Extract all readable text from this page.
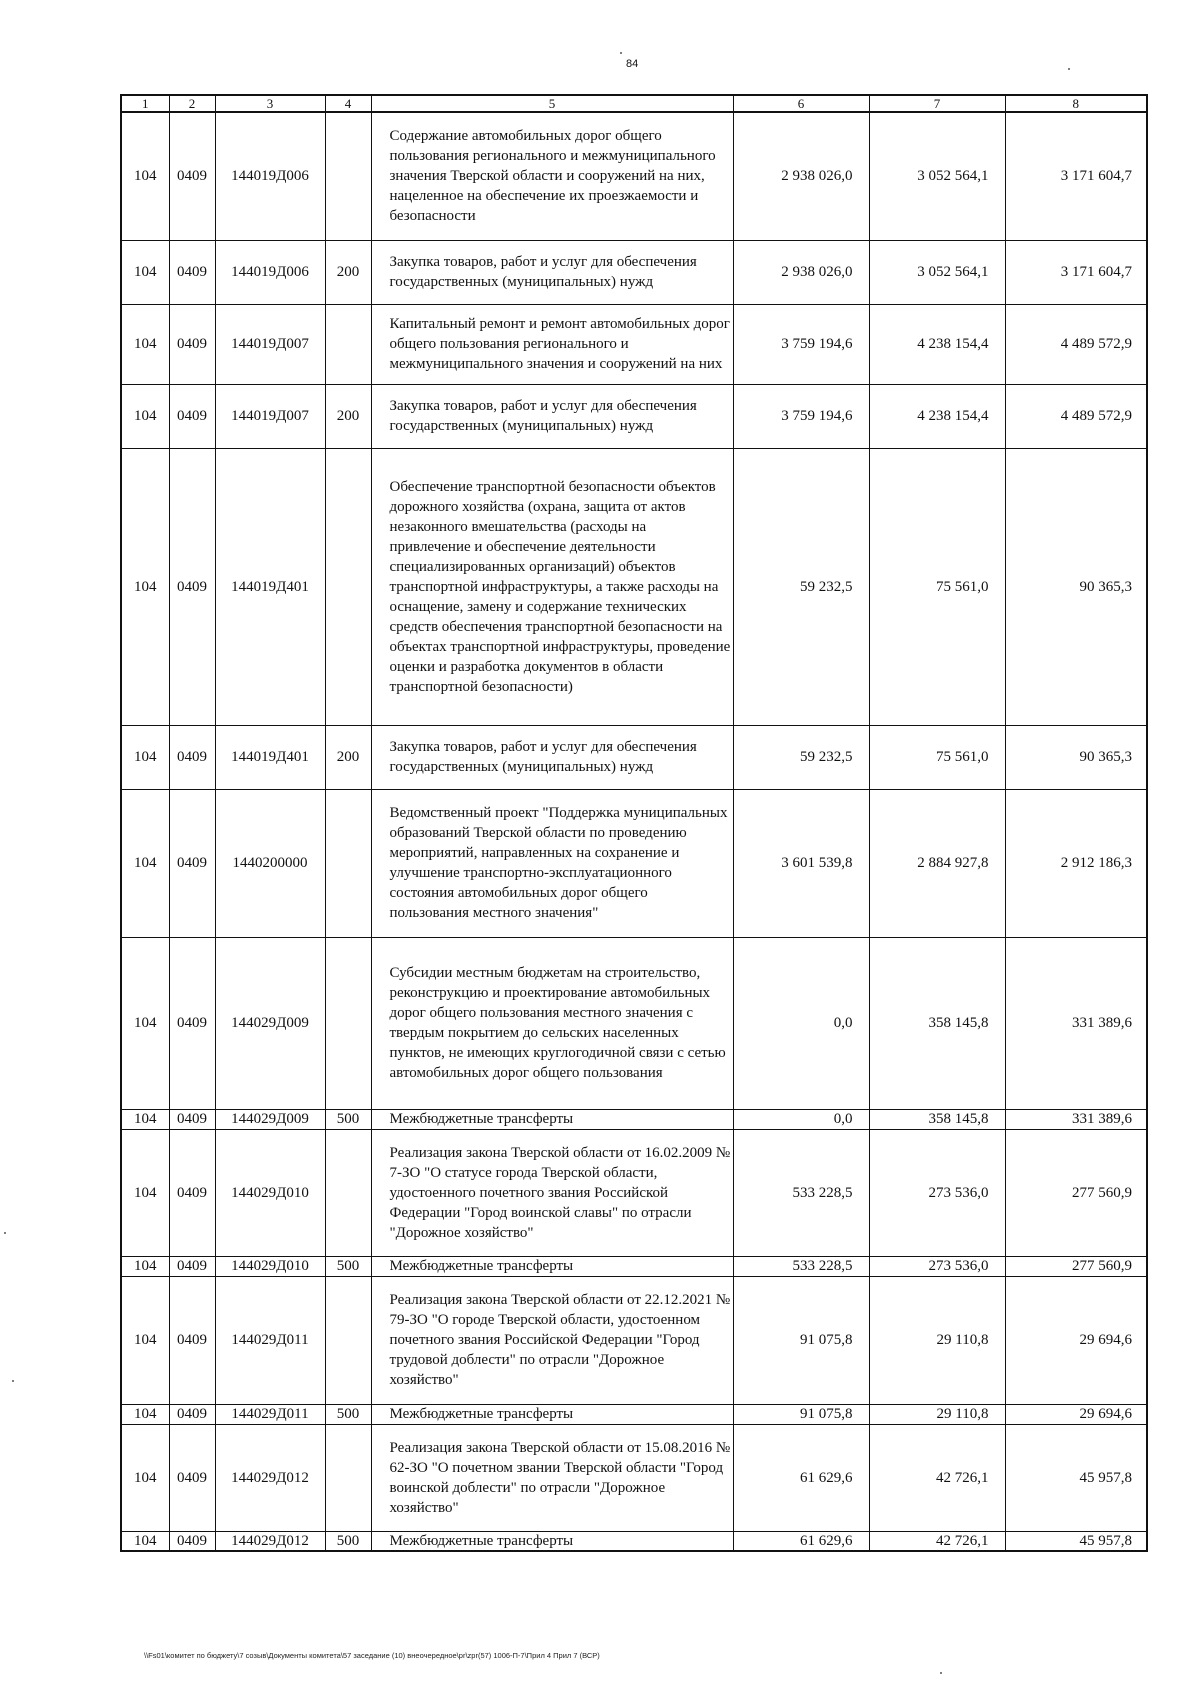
84
1	2	3	4	5	6	7	8
104	0409	144019Д006		Содержание автомобильных дорог общего пользования регионального и межмуниципального значения Тверской области и сооружений на них, нацеленное на обеспечение их проезжаемости и безопасности	2 938 026,0	3 052 564,1	3 171 604,7
104	0409	144019Д006	200	Закупка товаров, работ и услуг для обеспечения государственных (муниципальных) нужд	2 938 026,0	3 052 564,1	3 171 604,7
104	0409	144019Д007		Капитальный ремонт и ремонт автомобильных дорог общего пользования регионального и межмуниципального значения и сооружений на них	3 759 194,6	4 238 154,4	4 489 572,9
104	0409	144019Д007	200	Закупка товаров, работ и услуг для обеспечения государственных (муниципальных) нужд	3 759 194,6	4 238 154,4	4 489 572,9
104	0409	144019Д401		Обеспечение транспортной безопасности объектов дорожного хозяйства (охрана, защита от актов незаконного вмешательства (расходы на привлечение и обеспечение деятельности специализированных организаций) объектов транспортной инфраструктуры, а также расходы на оснащение, замену и содержание технических средств обеспечения транспортной безопасности на объектах транспортной инфраструктуры, проведение оценки и разработка документов в области транспортной безопасности)	59 232,5	75 561,0	90 365,3
104	0409	144019Д401	200	Закупка товаров, работ и услуг для обеспечения государственных (муниципальных) нужд	59 232,5	75 561,0	90 365,3
104	0409	1440200000		Ведомственный проект "Поддержка муниципальных образований Тверской области по проведению мероприятий, направленных на сохранение и улучшение транспортно-эксплуатационного состояния автомобильных дорог общего пользования местного значения"	3 601 539,8	2 884 927,8	2 912 186,3
104	0409	144029Д009		Субсидии местным бюджетам на строительство, реконструкцию и проектирование автомобильных дорог общего пользования местного значения с твердым покрытием до сельских населенных пунктов, не имеющих круглогодичной связи с сетью автомобильных дорог общего пользования	0,0	358 145,8	331 389,6
104	0409	144029Д009	500	Межбюджетные трансферты	0,0	358 145,8	331 389,6
104	0409	144029Д010		Реализация закона Тверской области от 16.02.2009 № 7-ЗО "О статусе города Тверской области, удостоенного почетного звания Российской Федерации "Город воинской славы" по отрасли "Дорожное хозяйство"	533 228,5	273 536,0	277 560,9
104	0409	144029Д010	500	Межбюджетные трансферты	533 228,5	273 536,0	277 560,9
104	0409	144029Д011		Реализация закона Тверской области от 22.12.2021 № 79-ЗО "О городе Тверской области, удостоенном почетного звания Российской Федерации "Город трудовой доблести" по отрасли "Дорожное хозяйство"	91 075,8	29 110,8	29 694,6
104	0409	144029Д011	500	Межбюджетные трансферты	91 075,8	29 110,8	29 694,6
104	0409	144029Д012		Реализация закона Тверской области от 15.08.2016 № 62-ЗО "О почетном звании Тверской области "Город воинской доблести" по отрасли "Дорожное хозяйство"	61 629,6	42 726,1	45 957,8
104	0409	144029Д012	500	Межбюджетные трансферты	61 629,6	42 726,1	45 957,8
\\Fs01\комитет по бюджету\7 созыв\Документы комитета\57 заседание (10) внеочередное\pr\zpr(57) 1006-П-7\Прил 4 Прил 7 (ВСР)
